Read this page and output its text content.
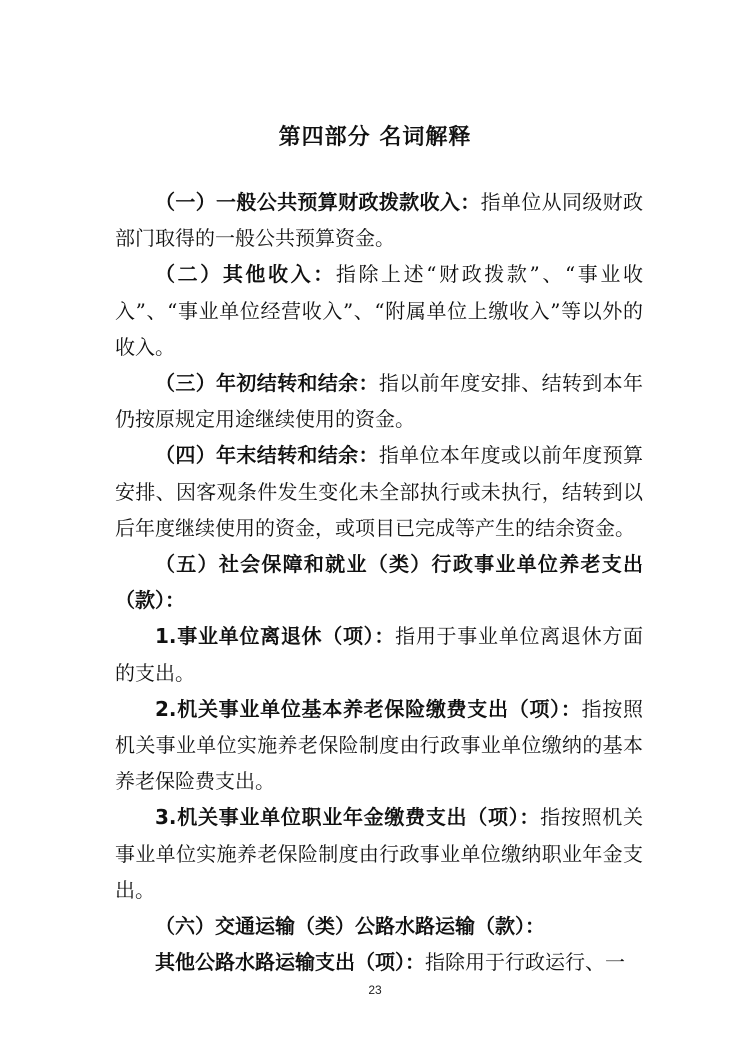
第四部分 名词解释

（一）一般公共预算财政拨款收入：指单位从同级财政部门取得的一般公共预算资金。

（二）其他收入：指除上述“财政拨款”、“事业收入”、“事业单位经营收入”、“附属单位上缴收入”等以外的收入。

（三）年初结转和结余：指以前年度安排、结转到本年仍按原规定用途继续使用的资金。

（四）年末结转和结余：指单位本年度或以前年度预算安排、因客观条件发生变化未全部执行或未执行，结转到以后年度继续使用的资金，或项目已完成等产生的结余资金。

（五）社会保障和就业（类）行政事业单位养老支出（款）：

1.事业单位离退休（项）：指用于事业单位离退休方面的支出。

2.机关事业单位基本养老保险缴费支出（项）：指按照机关事业单位实施养老保险制度由行政事业单位缴纳的基本养老保险费支出。

3.机关事业单位职业年金缴费支出（项）：指按照机关事业单位实施养老保险制度由行政事业单位缴纳职业年金支出。

（六）交通运输（类）公路水路运输（款）：

其他公路水路运输支出（项）：指除用于行政运行、一

23
